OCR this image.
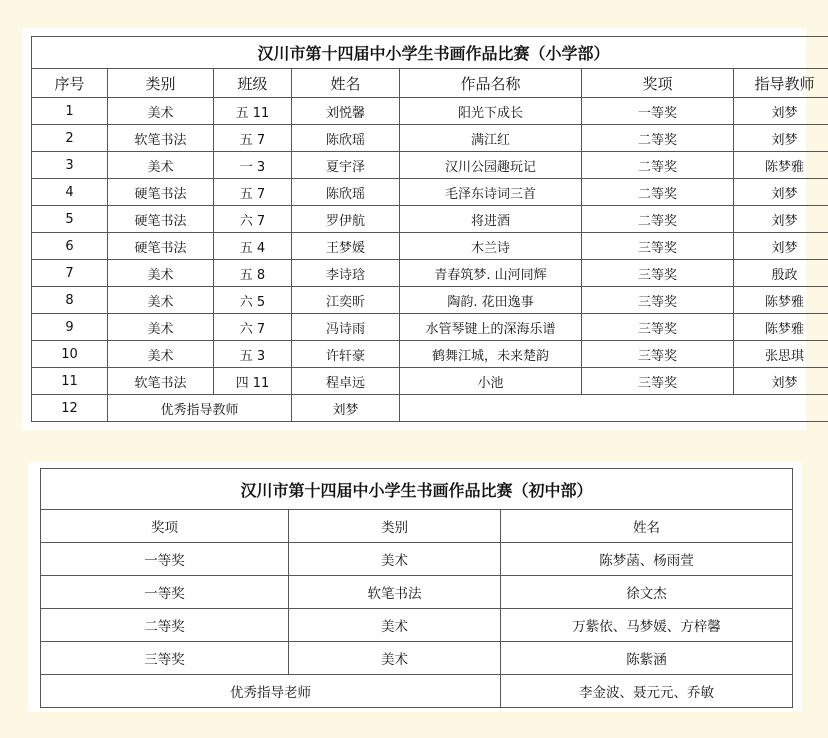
汉川市第十四届中小学生书画作品比赛（小学部）						
序号	类别	班级	姓名	作品名称	奖项	指导教师
1	美术	五 11	刘悦馨	阳光下成长	一等奖	刘梦
2	软笔书法	五 7	陈欣瑶	满江红	二等奖	刘梦
3	美术	一 3	夏宇泽	汉川公园趣玩记	二等奖	陈梦雅
4	硬笔书法	五 7	陈欣瑶	毛泽东诗词三首	二等奖	刘梦
5	硬笔书法	六 7	罗伊航	将进酒	二等奖	刘梦
6	硬笔书法	五 4	王梦媛	木兰诗	三等奖	刘梦
7	美术	五 8	李诗琀	青春筑梦. 山河同辉	三等奖	殷政
8	美术	六 5	江奕昕	陶韵. 花田逸事	三等奖	陈梦雅
9	美术	六 7	冯诗雨	水管琴键上的深海乐谱	三等奖	陈梦雅
10	美术	五 3	许轩豪	鹤舞江城，未来楚韵	三等奖	张思琪
11	软笔书法	四 11	程卓远	小池	三等奖	刘梦
12	优秀指导教师		刘梦			
汉川市第十四届中小学生书画作品比赛（初中部）		
奖项	类别	姓名
一等奖	美术	陈梦菡、杨雨萱
一等奖	软笔书法	徐文杰
二等奖	美术	万紫依、马梦媛、方梓馨
三等奖	美术	陈紫涵
优秀指导老师		李金波、聂元元、乔敏
